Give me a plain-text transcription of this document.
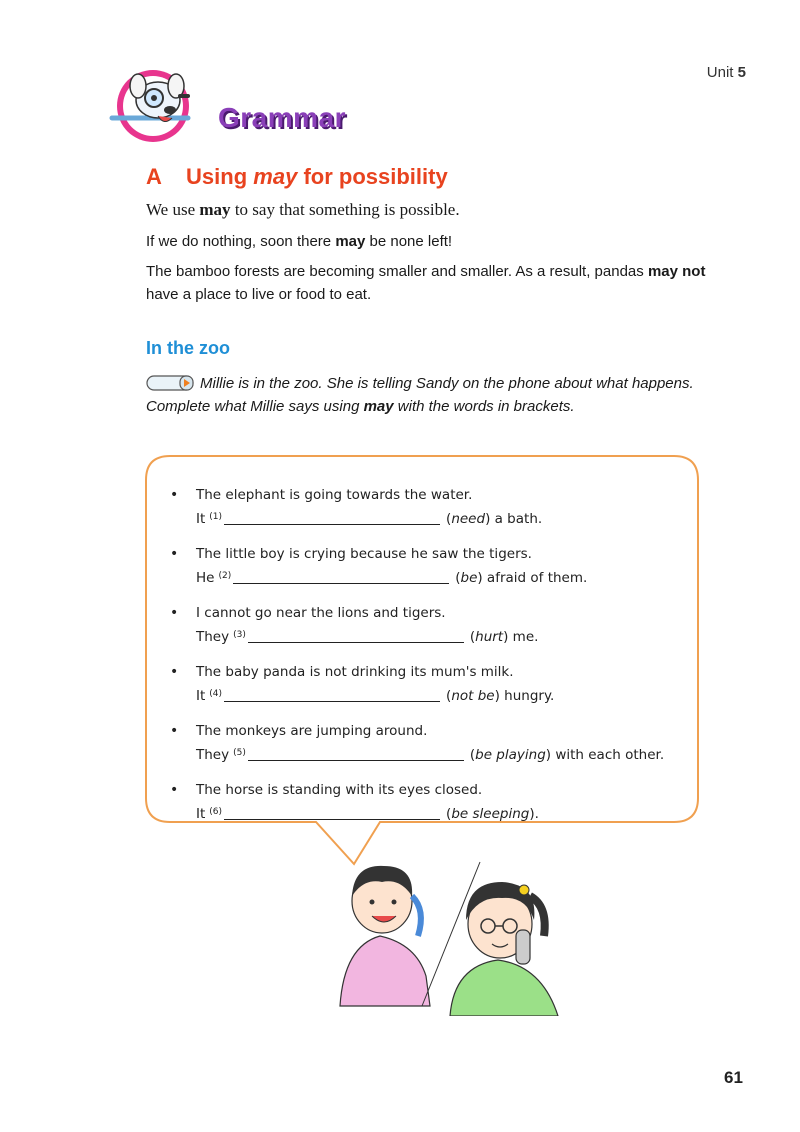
Unit 5
Grammar
A Using may for possibility
We use may to say that something is possible.
If we do nothing, soon there may be none left!
The bamboo forests are becoming smaller and smaller. As a result, pandas may not have a place to live or food to eat.
In the zoo
Millie is in the zoo. She is telling Sandy on the phone about what happens. Complete what Millie says using may with the words in brackets.
• The elephant is going towards the water.
It $^{(1)}$	(need) a bath.
• The little boy is crying because he saw the tigers.
He $^{(2)}$	(be) afraid of them.
• I cannot go near the lions and tigers.
They $^{(3)}$	(hurt) me.
• The baby panda is not drinking its mum's milk.
It $^{(4)}$	(not be) hungry.
• The monkeys are jumping around.
They $^{(5)}$	(be playing) with each other.
• The horse is standing with its eyes closed.
It $^{(6)}$	(be sleeping).
61
